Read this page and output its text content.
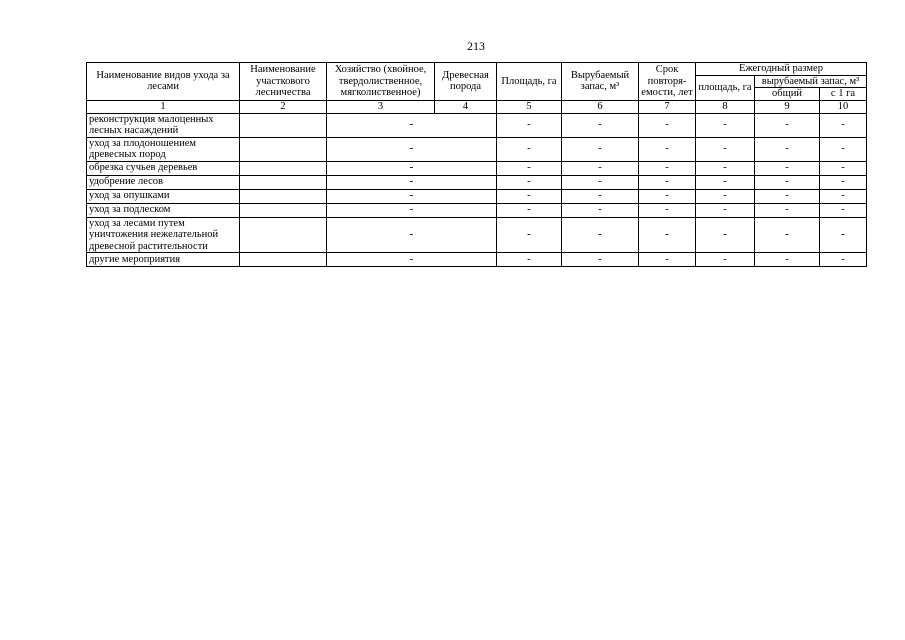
213
Наименование видов ухода за лесами	Наименование участкового лесничества	Хозяйство (хвойное, твердолиственное, мягколиственное)	Древесная порода	Площадь, га	Вырубаемый запас, м³	Срок повторя-емости, лет	Ежегодный размер		
							площадь, га	вырубаемый запас, м³	
								общий	с 1 га
1	2	3	4	5	6	7	8	9	10
реконструкция малоценных лесных насаждений		-		-	-	-	-	-	-
уход за плодоношением древесных пород		-		-	-	-	-	-	-
обрезка сучьев деревьев		-		-	-	-	-	-	-
удобрение лесов		-		-	-	-	-	-	-
уход за опушками		-		-	-	-	-	-	-
уход за подлеском		-		-	-	-	-	-	-
уход за лесами путем уничтожения нежелательной древесной растительности		-		-	-	-	-	-	-
другие мероприятия		-		-	-	-	-	-	-
